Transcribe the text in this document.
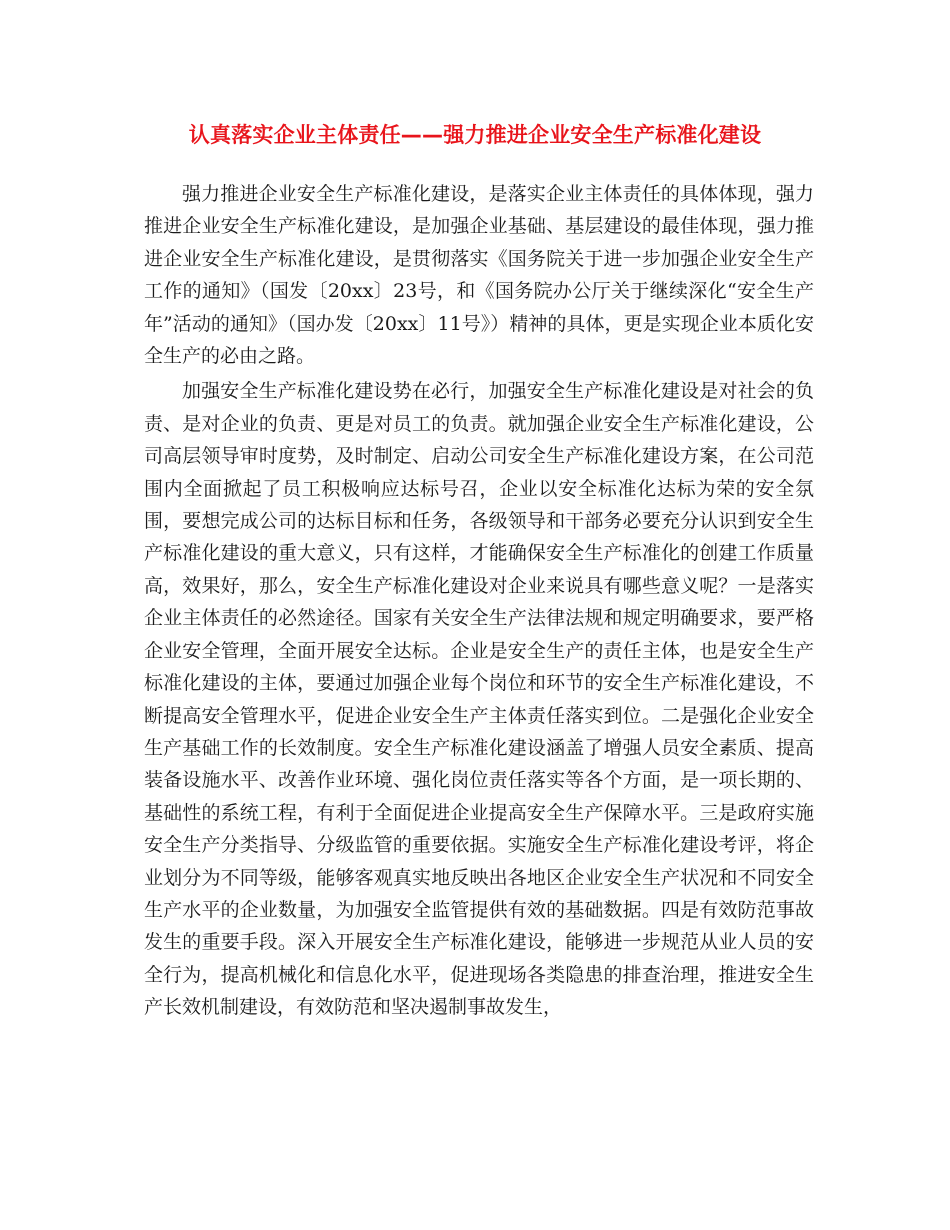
认真落实企业主体责任——强力推进企业安全生产标准化建设

强力推进企业安全生产标准化建设，是落实企业主体责任的具体体现，强力推进企业安全生产标准化建设，是加强企业基础、基层建设的最佳体现，强力推进企业安全生产标准化建设，是贯彻落实《国务院关于进一步加强企业安全生产工作的通知》（国发〔20xx〕23号，和《国务院办公厅关于继续深化“安全生产年”活动的通知》（国办发〔20xx〕11号》）精神的具体，更是实现企业本质化安全生产的必由之路。

加强安全生产标准化建设势在必行，加强安全生产标准化建设是对社会的负责、是对企业的负责、更是对员工的负责。就加强企业安全生产标准化建设，公司高层领导审时度势，及时制定、启动公司安全生产标准化建设方案，在公司范围内全面掀起了员工积极响应达标号召，企业以安全标准化达标为荣的安全氛围，要想完成公司的达标目标和任务，各级领导和干部务必要充分认识到安全生产标准化建设的重大意义，只有这样，才能确保安全生产标准化的创建工作质量高，效果好，那么，安全生产标准化建设对企业来说具有哪些意义呢？一是落实企业主体责任的必然途径。国家有关安全生产法律法规和规定明确要求，要严格企业安全管理，全面开展安全达标。企业是安全生产的责任主体，也是安全生产标准化建设的主体，要通过加强企业每个岗位和环节的安全生产标准化建设，不断提高安全管理水平，促进企业安全生产主体责任落实到位。二是强化企业安全生产基础工作的长效制度。安全生产标准化建设涵盖了增强人员安全素质、提高装备设施水平、改善作业环境、强化岗位责任落实等各个方面，是一项长期的、基础性的系统工程，有利于全面促进企业提高安全生产保障水平。三是政府实施安全生产分类指导、分级监管的重要依据。实施安全生产标准化建设考评，将企业划分为不同等级，能够客观真实地反映出各地区企业安全生产状况和不同安全生产水平的企业数量，为加强安全监管提供有效的基础数据。四是有效防范事故发生的重要手段。深入开展安全生产标准化建设，能够进一步规范从业人员的安全行为，提高机械化和信息化水平，促进现场各类隐患的排查治理，推进安全生产长效机制建设，有效防范和坚决遏制事故发生，
